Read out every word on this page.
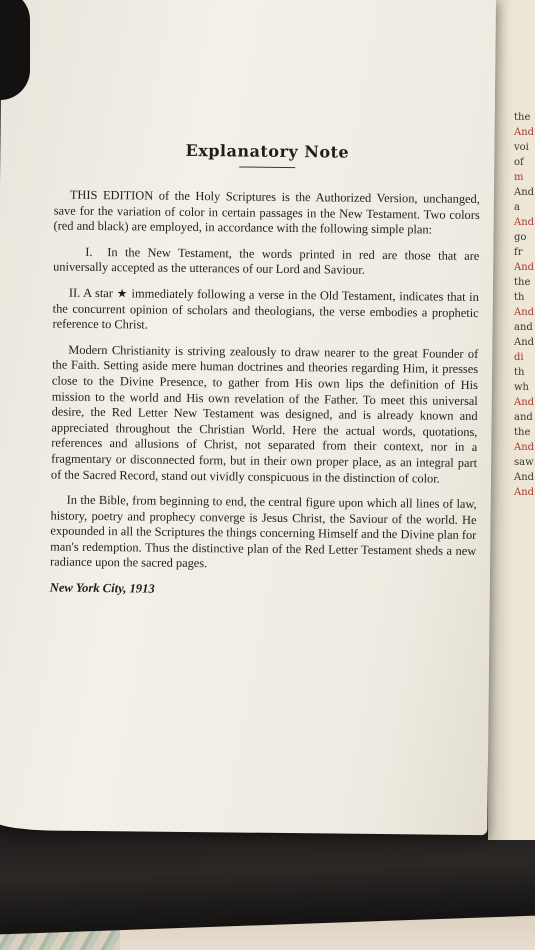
the
And
voi
of
m
And
a
And
go
fr
And
the
th
And
and
And
di
th
wh
And
and
the
And
saw
And
And
Explanatory Note

THIS EDITION of the Holy Scriptures is the Authorized Version, unchanged, save for the variation of color in certain passages in the New Testament. Two colors (red and black) are employed, in accordance with the following simple plan:

I. In the New Testament, the words printed in red are those that are universally accepted as the utterances of our Lord and Saviour.

II. A star ★ immediately following a verse in the Old Testament, indicates that in the concurrent opinion of scholars and theologians, the verse embodies a prophetic reference to Christ.

Modern Christianity is striving zealously to draw nearer to the great Founder of the Faith. Setting aside mere human doctrines and theories regarding Him, it presses close to the Divine Presence, to gather from His own lips the definition of His mission to the world and His own revelation of the Father. To meet this universal desire, the Red Letter New Testament was designed, and is already known and appreciated throughout the Christian World. Here the actual words, quotations, references and allusions of Christ, not separated from their context, nor in a fragmentary or disconnected form, but in their own proper place, as an integral part of the Sacred Record, stand out vividly conspicuous in the distinction of color.

In the Bible, from beginning to end, the central figure upon which all lines of law, history, poetry and prophecy converge is Jesus Christ, the Saviour of the world. He expounded in all the Scriptures the things concerning Himself and the Divine plan for man's redemption. Thus the distinctive plan of the Red Letter Testament sheds a new radiance upon the sacred pages.

New York City, 1913
